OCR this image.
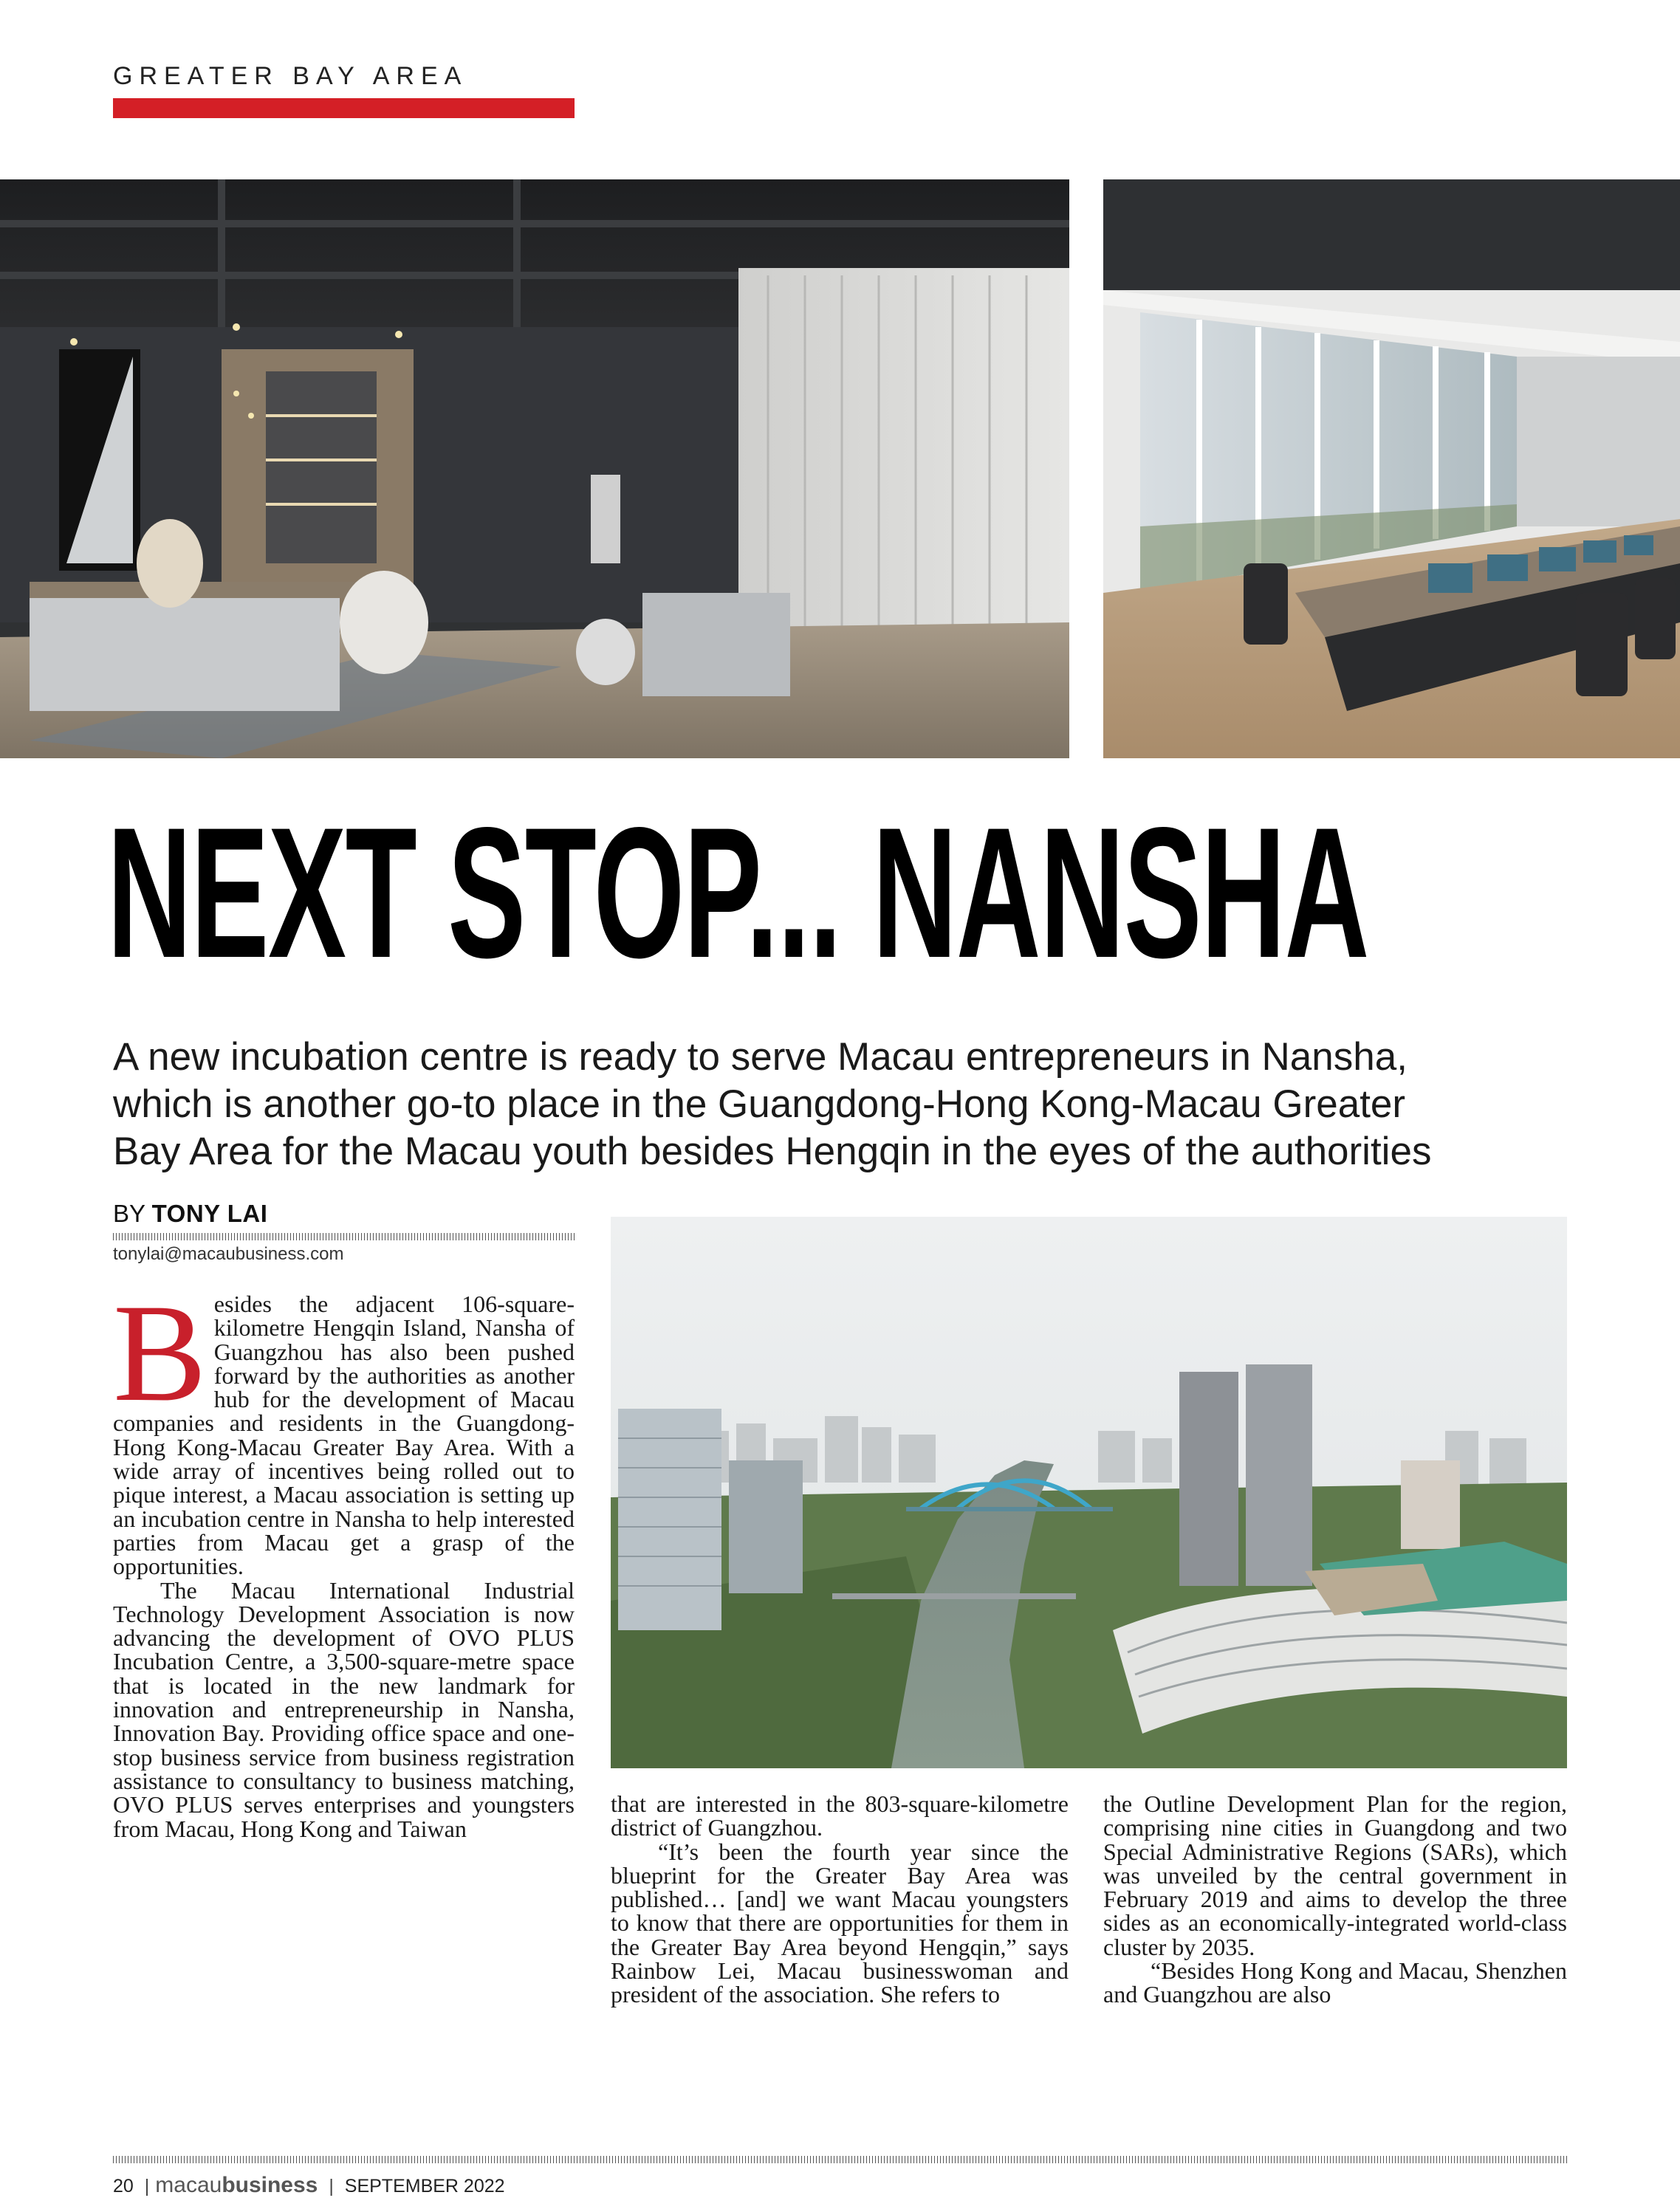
GREATER BAY AREA
NEXT STOP... NANSHA
A new incubation centre is ready to serve Macau entrepreneurs in Nansha,
which is another go-to place in the Guangdong-Hong Kong-Macau Greater
Bay Area for the Macau youth besides Hengqin in the eyes of the authorities
BY TONY LAI
tonylai@macaubusiness.com

Besides the adjacent 106-square-kilometre Hengqin Island, Nansha of Guangzhou has also been pushed forward by the authorities as another hub for the development of Macau companies and residents in the Guangdong-Hong Kong-Macau Greater Bay Area. With a wide array of incentives being rolled out to pique interest, a Macau association is setting up an incubation centre in Nansha to help interested parties from Macau get a grasp of the opportunities.

The Macau International Industrial Technology Development Association is now advancing the development of OVO PLUS Incubation Centre, a 3,500-square-metre space that is located in the new landmark for innovation and entrepreneurship in Nansha, Innovation Bay. Providing office space and one-stop business service from business registration assistance to consultancy to business matching, OVO PLUS serves enterprises and youngsters from Macau, Hong Kong and Taiwan

that are interested in the 803-square-kilometre district of Guangzhou.

“It’s been the fourth year since the blueprint for the Greater Bay Area was published… [and] we want Macau youngsters to know that there are opportunities for them in the Greater Bay Area beyond Hengqin,” says Rainbow Lei, Macau businesswoman and president of the association. She refers to

the Outline Development Plan for the region, comprising nine cities in Guangdong and two Special Administrative Regions (SARs), which was unveiled by the central government in February 2019 and aims to develop the three sides as an economically-integrated world-class cluster by 2035.

“Besides Hong Kong and Macau, Shenzhen and Guangzhou are also

20 | macaubusiness | SEPTEMBER 2022
